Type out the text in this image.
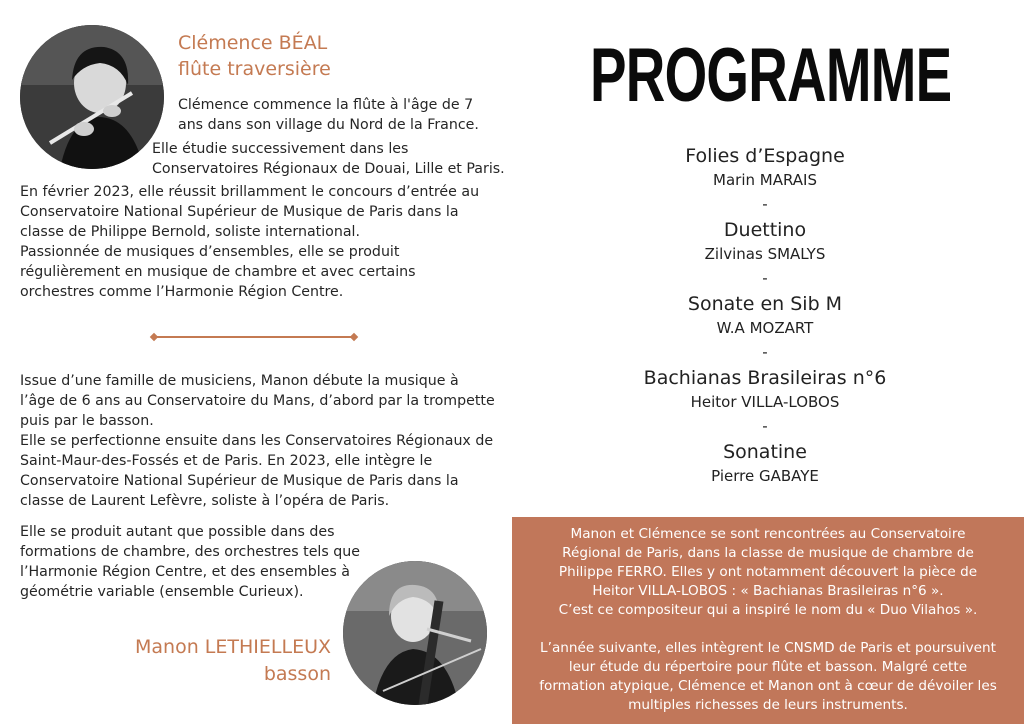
Clémence BÉAL
flûte traversière
Clémence commence la flûte à l'âge de 7
ans dans son village du Nord de la France.
Elle étudie successivement dans les
Conservatoires Régionaux de Douai, Lille et Paris.
En février 2023, elle réussit brillamment le concours d’entrée au
Conservatoire National Supérieur de Musique de Paris dans la
classe de Philippe Bernold, soliste international.
Passionnée de musiques d’ensembles, elle se produit
régulièrement en musique de chambre et avec certains
orchestres comme l’Harmonie Région Centre.
Issue d’une famille de musiciens, Manon débute la musique à
l’âge de 6 ans au Conservatoire du Mans, d’abord par la trompette
puis par le basson.
Elle se perfectionne ensuite dans les Conservatoires Régionaux de
Saint-Maur-des-Fossés et de Paris. En 2023, elle intègre le
Conservatoire National Supérieur de Musique de Paris dans la
classe de Laurent Lefèvre, soliste à l’opéra de Paris.
Elle se produit autant que possible dans des
formations de chambre, des orchestres tels que
l’Harmonie Région Centre, et des ensembles à
géométrie variable (ensemble Curieux).
Manon LETHIELLEUX
basson
PROGRAMME
Folies d’Espagne
Marin MARAIS
-
Duettino
Zilvinas SMALYS
-
Sonate en Sib M
W.A MOZART
-
Bachianas Brasileiras n°6
Heitor VILLA-LOBOS
-
Sonatine
Pierre GABAYE
Manon et Clémence se sont rencontrées au Conservatoire
Régional de Paris, dans la classe de musique de chambre de
Philippe FERRO. Elles y ont notamment découvert la pièce de
Heitor VILLA-LOBOS : « Bachianas Brasileiras n°6 ».
C’est ce compositeur qui a inspiré le nom du « Duo Vilahos ».
L’année suivante, elles intègrent le CNSMD de Paris et poursuivent
leur étude du répertoire pour flûte et basson. Malgré cette
formation atypique, Clémence et Manon ont à cœur de dévoiler les
multiples richesses de leurs instruments.
